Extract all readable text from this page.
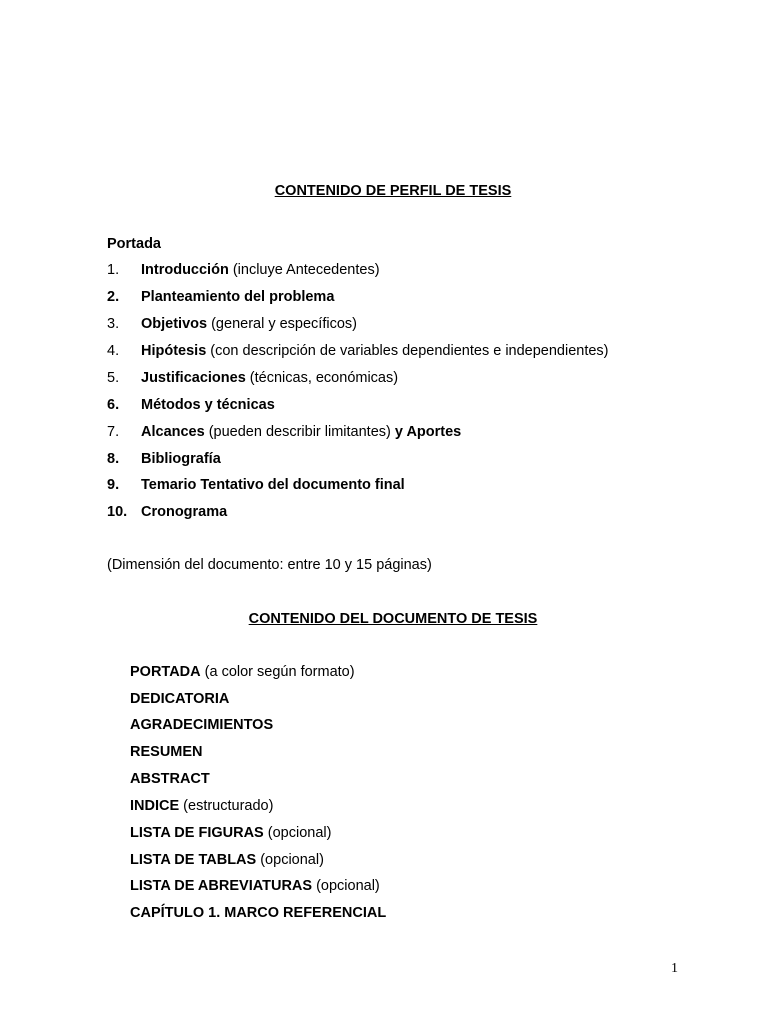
CONTENIDO DE PERFIL DE TESIS
Portada
1. Introducción (incluye Antecedentes)
2. Planteamiento del problema
3. Objetivos (general y específicos)
4. Hipótesis (con descripción de variables dependientes e independientes)
5. Justificaciones (técnicas, económicas)
6. Métodos y técnicas
7. Alcances (pueden describir limitantes) y Aportes
8. Bibliografía
9. Temario Tentativo del documento final
10. Cronograma
(Dimensión del documento: entre 10 y 15 páginas)
CONTENIDO DEL DOCUMENTO DE TESIS
PORTADA (a color según formato)
DEDICATORIA
AGRADECIMIENTOS
RESUMEN
ABSTRACT
INDICE (estructurado)
LISTA DE FIGURAS (opcional)
LISTA DE TABLAS (opcional)
LISTA DE ABREVIATURAS (opcional)
CAPÍTULO 1. MARCO REFERENCIAL
1
